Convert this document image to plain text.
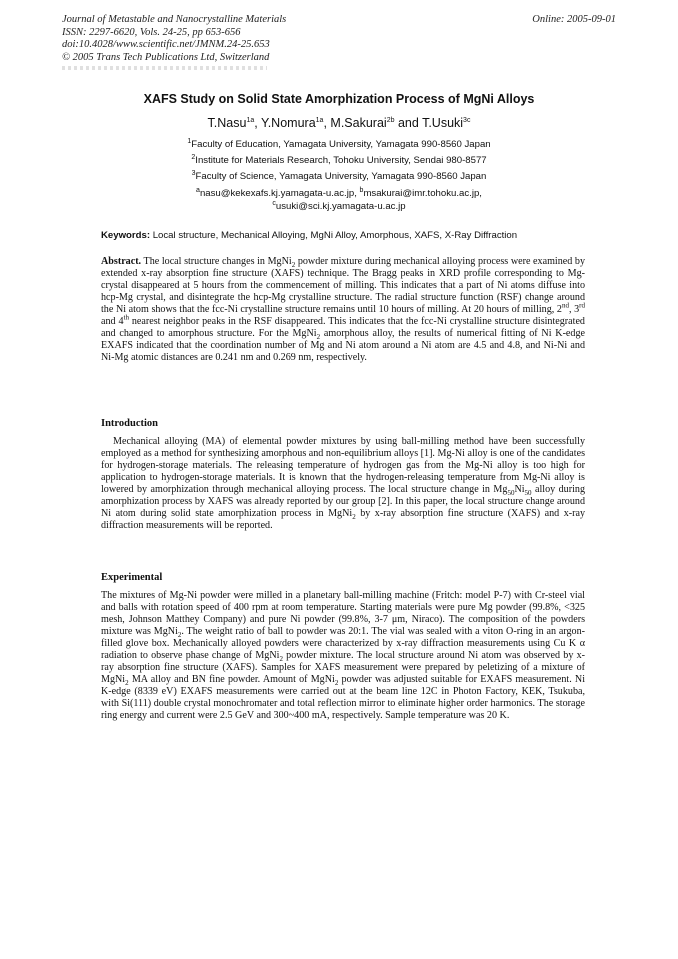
Journal of Metastable and Nanocrystalline Materials
ISSN: 2297-6620, Vols. 24-25, pp 653-656
doi:10.4028/www.scientific.net/JMNM.24-25.653
© 2005 Trans Tech Publications Ltd, Switzerland
Online: 2005-09-01
XAFS Study on Solid State Amorphization Process of MgNi Alloys
T.Nasu$^{1a}$, Y.Nomura$^{1a}$, M.Sakurai$^{2b}$ and T.Usuki$^{3c}$
$^1$Faculty of Education, Yamagata University, Yamagata 990-8560 Japan
$^2$Institute for Materials Research, Tohoku University, Sendai 980-8577
$^3$Faculty of Science, Yamagata University, Yamagata 990-8560 Japan
$^a$nasu@kekexafs.kj.yamagata-u.ac.jp, $^b$msakurai@imr.tohoku.ac.jp,
$^c$usuki@sci.kj.yamagata-u.ac.jp
Keywords: Local structure, Mechanical Alloying, MgNi Alloy, Amorphous, XAFS, X-Ray Diffraction

Abstract. The local structure changes in MgNi$_2$ powder mixture during mechanical alloying process were examined by extended x-ray absorption fine structure (XAFS) technique. The Bragg peaks in XRD profile corresponding to Mg-crystal disappeared at 5 hours from the commencement of milling. This indicates that a part of Ni atoms diffuse into hcp-Mg crystal, and disintegrate the hcp-Mg crystalline structure. The radial structure function (RSF) change around the Ni atom shows that the fcc-Ni crystalline structure remains until 10 hours of milling. At 20 hours of milling, 2nd, 3rd and 4th nearest neighbor peaks in the RSF disappeared. This indicates that the fcc-Ni crystalline structure disintegrated and changed to amorphous structure. For the MgNi$_2$ amorphous alloy, the results of numerical fitting of Ni K-edge EXAFS indicated that the coordination number of Mg and Ni atom around a Ni atom are 4.5 and 4.8, and Ni-Ni and Ni-Mg atomic distances are 0.241 nm and 0.269 nm, respectively.

Introduction

Mechanical alloying (MA) of elemental powder mixtures by using ball-milling method have been successfully employed as a method for synthesizing amorphous and non-equilibrium alloys [1]. Mg-Ni alloy is one of the candidates for hydrogen-storage materials. The releasing temperature of hydrogen gas from the Mg-Ni alloy is too high for application to hydrogen-storage materials. It is known that the hydrogen-releasing temperature from Mg-Ni alloy is lowered by amorphization through mechanical alloying process. The local structure change in $Mg_{50}Ni_{50}$ alloy during amorphization process by XAFS was already reported by our group [2]. In this paper, the local structure change around Ni atom during solid state amorphization process in MgNi$_2$ by x-ray absorption fine structure (XAFS) and x-ray diffraction measurements will be reported.

Experimental

The mixtures of Mg-Ni powder were milled in a planetary ball-milling machine (Fritch: model P-7) with Cr-steel vial and balls with rotation speed of 400 rpm at room temperature. Starting materials were pure Mg powder (99.8%, <325 mesh, Johnson Matthey Company) and pure Ni powder (99.8%, 3-7 μm, Niraco). The composition of the powders mixture was MgNi$_2$. The weight ratio of ball to powder was 20:1. The vial was sealed with a viton O-ring in an argon-filled glove box. Mechanically alloyed powders were characterized by x-ray diffraction measurements using Cu K α radiation to observe phase change of MgNi$_2$ powder mixture. The local structure around Ni atom was observed by x-ray absorption fine structure (XAFS). Samples for XAFS measurement were prepared by peletizing of a mixture of MgNi$_2$ MA alloy and BN fine powder. Amount of MgNi$_2$ powder was adjusted suitable for EXAFS measurement. Ni K-edge (8339 eV) EXAFS measurements were carried out at the beam line 12C in Photon Factory, KEK, Tsukuba, with Si(111) double crystal monochromater and total reflection mirror to eliminate higher order harmonics. The storage ring energy and current were 2.5 GeV and 300~400 mA, respectively. Sample temperature was 20 K.
